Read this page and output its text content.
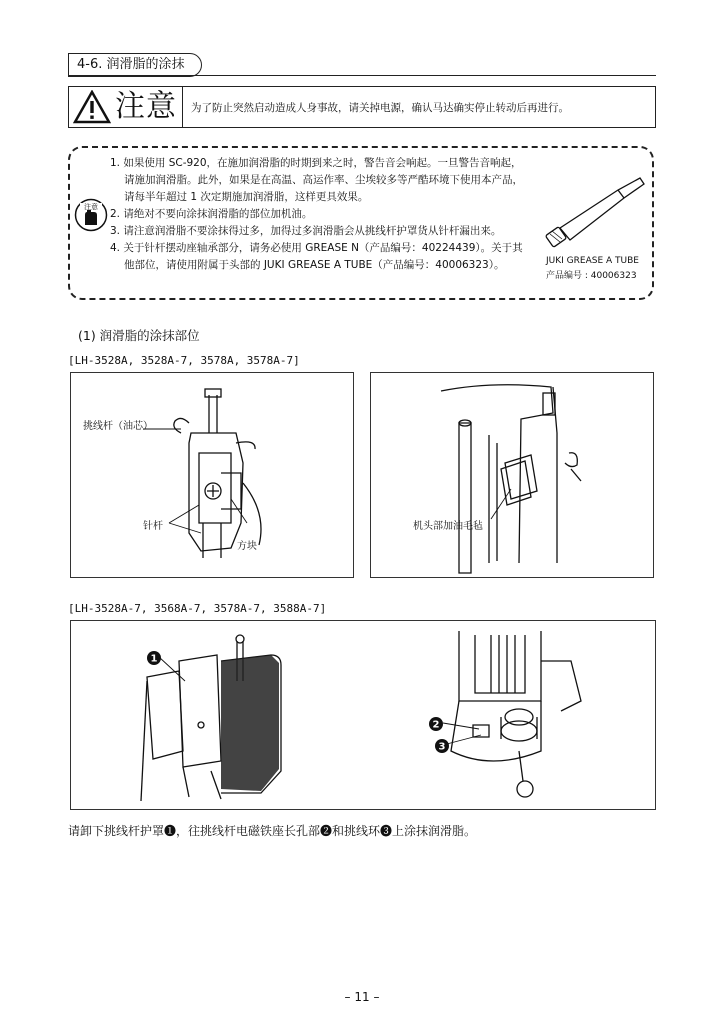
4-6. 润滑脂的涂抹
注意	为了防止突然启动造成人身事故，请关掉电源，确认马达确实停止转动后再进行。
注意
1. 如果使用 SC-920，在施加润滑脂的时期到来之时，警告音会响起。一旦警告音响起，请施加润滑脂。此外，如果是在高温、高运作率、尘埃较多等严酷环境下使用本产品，请每半年超过 1 次定期施加润滑脂，这样更具效果。
2. 请绝对不要向涂抹润滑脂的部位加机油。
3. 请注意润滑脂不要涂抹得过多，加得过多润滑脂会从挑线杆护罩货从针杆漏出来。
4. 关于针杆摆动座轴承部分，请务必使用 GREASE N（产品编号：40224439）。关于其他部位，请使用附属于头部的 JUKI GREASE A TUBE（产品编号：40006323）。	JUKI GREASE A TUBE
产品编号 : 40006323
(1) 润滑脂的涂抹部位
[LH-3528A, 3528A-7, 3578A, 3578A-7]
挑线杆（油芯）
针杆
方块
机头部加油毛毡
[LH-3528A-7, 3568A-7, 3578A-7, 3588A-7]
1
2
3
请卸下挑线杆护罩❶，往挑线杆电磁铁座长孔部❷和挑线环❸上涂抹润滑脂。
– 11 –
